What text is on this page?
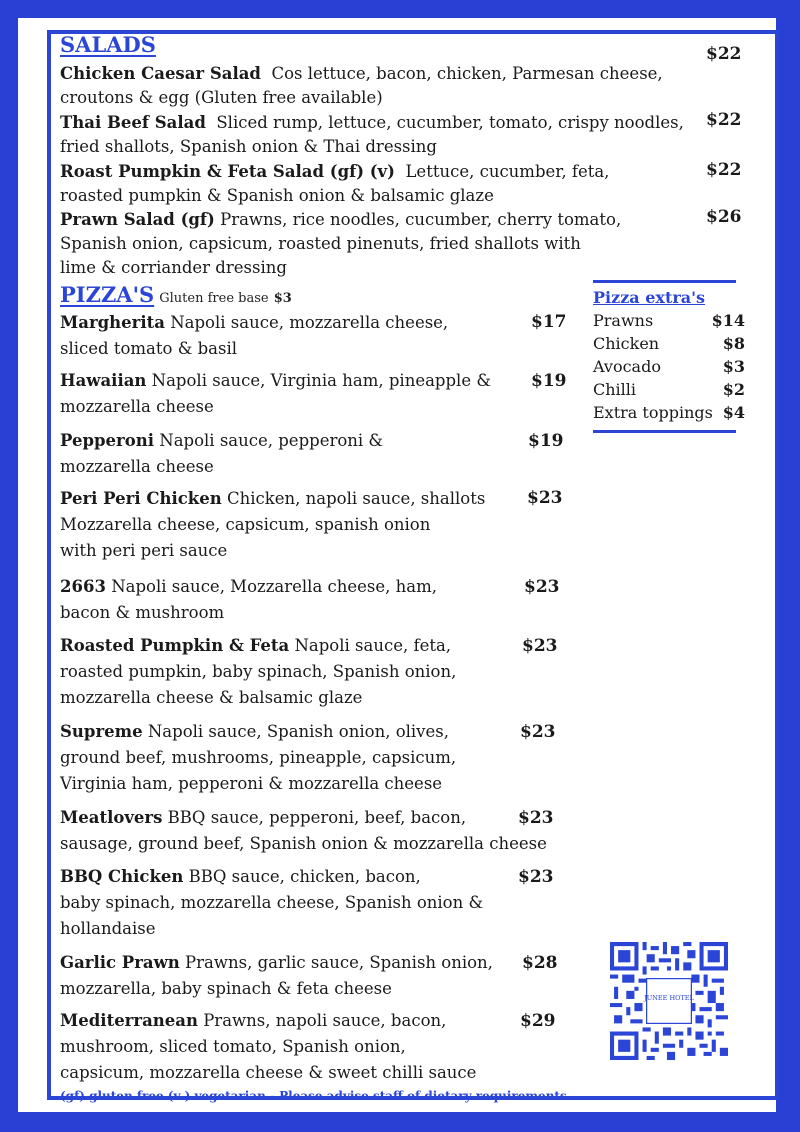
SALADS
Chicken Caesar Salad Cos lettuce, bacon, chicken, Parmesan cheese,
croutons & egg (Gluten free available)
$22
Thai Beef Salad Sliced rump, lettuce, cucumber, tomato, crispy noodles,
fried shallots, Spanish onion & Thai dressing
$22
Roast Pumpkin & Feta Salad (gf) (v) Lettuce, cucumber, feta,
roasted pumpkin & Spanish onion & balsamic glaze
$22
Prawn Salad (gf) Prawns, rice noodles, cucumber, cherry tomato,
Spanish onion, capsicum, roasted pinenuts, fried shallots with
lime & corriander dressing
$26
PIZZA'S Gluten free base $3
Margherita Napoli sauce, mozzarella cheese,
sliced tomato & basil
$17
Hawaiian Napoli sauce, Virginia ham, pineapple &
mozzarella cheese
$19
Pepperoni Napoli sauce, pepperoni &
mozzarella cheese
$19
Peri Peri Chicken Chicken, napoli sauce, shallots
Mozzarella cheese, capsicum, spanish onion
with peri peri sauce
$23
2663 Napoli sauce, Mozzarella cheese, ham,
bacon & mushroom
$23
Roasted Pumpkin & Feta Napoli sauce, feta,
roasted pumpkin, baby spinach, Spanish onion,
mozzarella cheese & balsamic glaze
$23
Supreme Napoli sauce, Spanish onion, olives,
ground beef, mushrooms, pineapple, capsicum,
Virginia ham, pepperoni & mozzarella cheese
$23
Meatlovers BBQ sauce, pepperoni, beef, bacon,
sausage, ground beef, Spanish onion & mozzarella cheese
$23
BBQ Chicken BBQ sauce, chicken, bacon,
baby spinach, mozzarella cheese, Spanish onion &
hollandaise
$23
Garlic Prawn Prawns, garlic sauce, Spanish onion,
mozzarella, baby spinach & feta cheese
$28
Mediterranean Prawns, napoli sauce, bacon,
mushroom, sliced tomato, Spanish onion,
capsicum, mozzarella cheese & sweet chilli sauce
$29
Pizza extra's
Prawns	$14
Chicken	$8
Avocado	$3
Chilli	$2
Extra toppings $4
JUNEE HOTEL
(gf) gluten free (v ) vegetarian - Please advise staff of dietary requirements
